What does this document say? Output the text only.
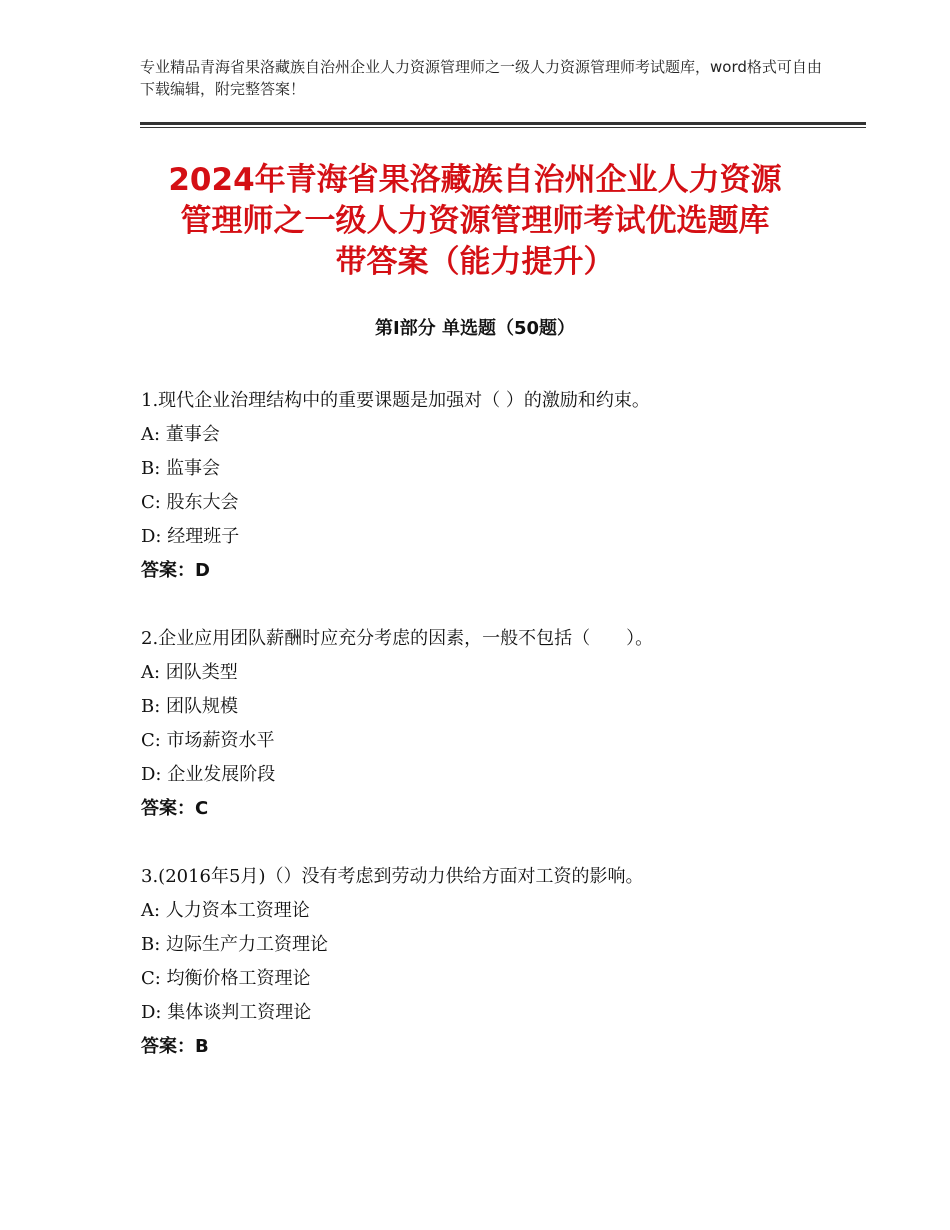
专业精品青海省果洛藏族自治州企业人力资源管理师之一级人力资源管理师考试题库，word格式可自由下载编辑，附完整答案！
2024年青海省果洛藏族自治州企业人力资源
管理师之一级人力资源管理师考试优选题库
带答案（能力提升）
第Ⅰ部分 单选题（50题）
1.现代企业治理结构中的重要课题是加强对（ ）的激励和约束。
A: 董事会
B: 监事会
C: 股东大会
D: 经理班子
答案：D
2.企业应用团队薪酬时应充分考虑的因素，一般不包括（　　）。
A: 团队类型
B: 团队规模
C: 市场薪资水平
D: 企业发展阶段
答案：C
3.(2016年5月)（）没有考虑到劳动力供给方面对工资的影响。
A: 人力资本工资理论
B: 边际生产力工资理论
C: 均衡价格工资理论
D: 集体谈判工资理论
答案：B
